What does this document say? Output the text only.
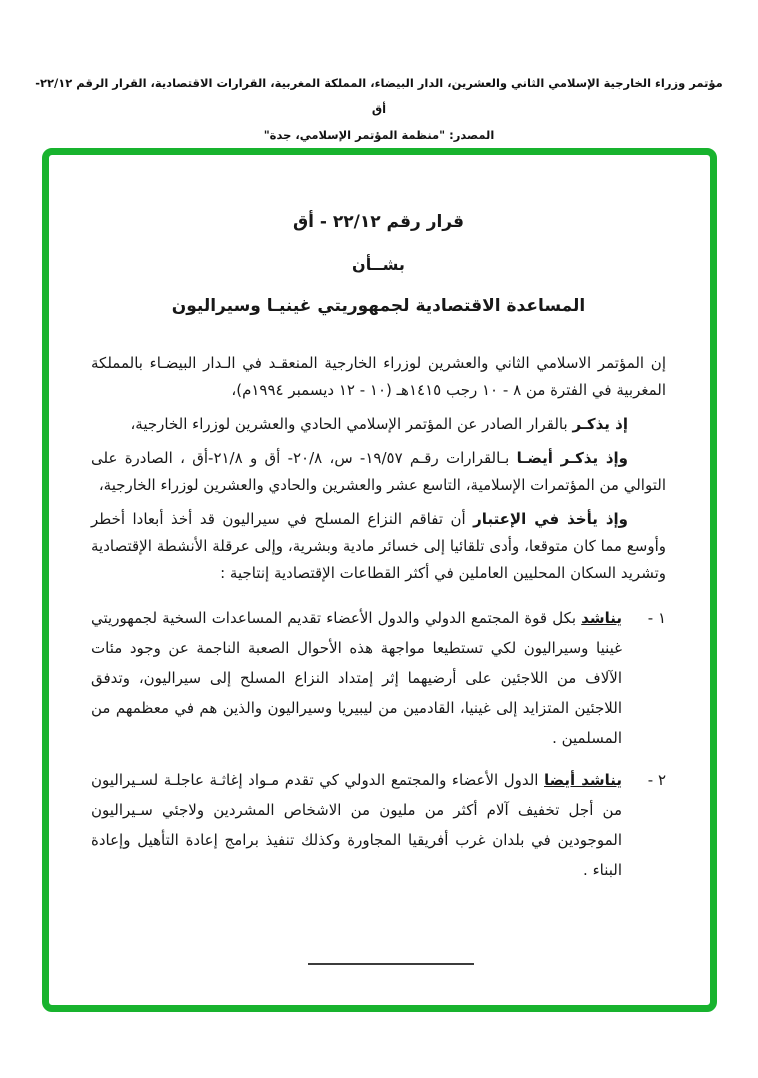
مؤتمر وزراء الخارجية الإسلامي الثاني والعشرين، الدار البيضاء، المملكة المغربية، القرارات الاقتصادية، القرار الرقم ٢٢/١٢- أق
المصدر: "منظمة المؤتمر الإسلامي، جدة"
قرار رقم ٢٢/١٢ - أق
بشــأن
المساعدة الاقتصادية لجمهوريتي غينيـا وسيراليون

إن المؤتمر الاسلامي الثاني والعشرين لوزراء الخارجية المنعقـد في الـدار البيضـاء بالمملكة المغربية في الفترة من ٨ - ١٠ رجب ١٤١٥هـ (١٠ - ١٢ ديسمبر ١٩٩٤م)،

إذ يذكـر بالقرار الصادر عن المؤتمر الإسلامي الحادي والعشرين لوزراء الخارجية،

وإذ يذكـر أيضـا بـالقرارات رقـم ١٩/٥٧- س، ٢٠/٨- أق و ٢١/٨-أق ، الصادرة على التوالي من المؤتمرات الإسلامية، التاسع عشر والعشرين والحادي والعشرين لوزراء الخارجية،

وإذ يأخذ في الإعتبار أن تفاقم النزاع المسلح في سيراليون قد أخذ أبعادا أخطر وأوسع مما كان متوقعا، وأدى تلقائيا إلى خسائر مادية وبشرية، وإلى عرقلة الأنشطة الإقتصادية وتشريد السكان المحليين العاملين في أكثر القطاعات الإقتصادية إنتاجية :

١ -
يناشد بكل قوة المجتمع الدولي والدول الأعضاء تقديم المساعدات السخية لجمهوريتي غينيا وسيراليون لكي تستطيعا مواجهة هذه الأحوال الصعبة الناجمة عن وجود مئات الآلاف من اللاجئين على أرضيهما إثر إمتداد النزاع المسلح إلى سيراليون، وتدفق اللاجئين المتزايد إلى غينيا، القادمين من ليبيريا وسيراليون والذين هم في معظمهم من المسلمين .
٢ -
يناشد أيضا الدول الأعضاء والمجتمع الدولي كي تقدم مـواد إغاثـة عاجلـة لسـيراليون من أجل تخفيف آلام أكثر من مليون من الاشخاص المشردين ولاجئي سـيراليون الموجودين في بلدان غرب أفريقيا المجاورة وكذلك تنفيذ برامج إعادة التأهيل وإعادة البناء .
